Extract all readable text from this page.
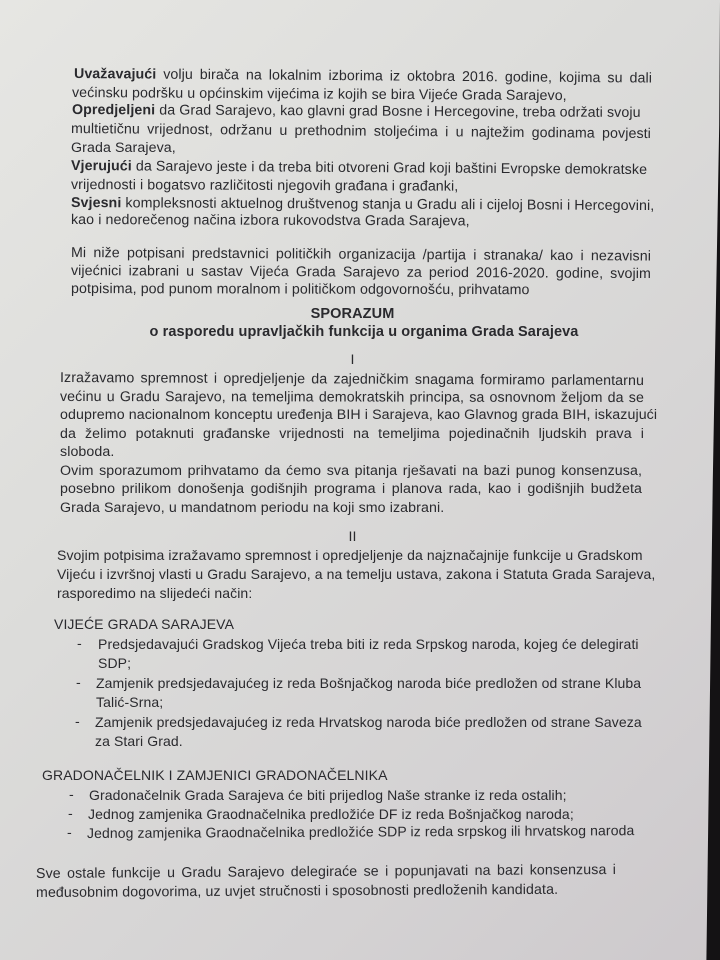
Uvažavajući volju birača na lokalnim izborima iz oktobra 2016. godine, kojima su dali
većinsku podršku u općinskim vijećima iz kojih se bira Vijeće Grada Sarajevo,
Opredjeljeni da Grad Sarajevo, kao glavni grad Bosne i Hercegovine, treba održati svoju
multietičnu vrijednost, održanu u prethodnim stoljećima i u najtežim godinama povjesti
Grada Sarajeva,
Vjerujući da Sarajevo jeste i da treba biti otvoreni Grad koji baštini Evropske demokratske
vrijednosti i bogatsvo različitosti njegovih građana i građanki,
Svjesni kompleksnosti aktuelnog društvenog stanja u Gradu ali i cijeloj Bosni i Hercegovini,
kao i nedorečenog načina izbora rukovodstva Grada Sarajeva,
Mi niže potpisani predstavnici političkih organizacija /partija i stranaka/ kao i nezavisni
vijećnici izabrani u sastav Vijeća Grada Sarajevo za period 2016-2020. godine, svojim
potpisima, pod punom moralnom i političkom odgovornošću, prihvatamo
SPORAZUM
o rasporedu upravljačkih funkcija u organima Grada Sarajeva
I
Izražavamo spremnost i opredjeljenje da zajedničkim snagama formiramo parlamentarnu
većinu u Gradu Sarajevo, na temeljima demokratskih principa, sa osnovnom željom da se
odupremo nacionalnom konceptu uređenja BIH i Sarajeva, kao Glavnog grada BIH, iskazujući
da želimo potaknuti građanske vrijednosti na temeljima pojedinačnih ljudskih prava i
sloboda.
Ovim sporazumom prihvatamo da ćemo sva pitanja rješavati na bazi punog konsenzusa,
posebno prilikom donošenja godišnjih programa i planova rada, kao i godišnjih budžeta
Grada Sarajevo, u mandatnom periodu na koji smo izabrani.
II
Svojim potpisima izražavamo spremnost i opredjeljenje da najznačajnije funkcije u Gradskom
Vijeću i izvršnoj vlasti u Gradu Sarajevo, a na temelju ustava, zakona i Statuta Grada Sarajeva,
rasporedimo na slijedeći način:
VIJEĆE GRADA SARAJEVA
- Predsjedavajući Gradskog Vijeća treba biti iz reda Srpskog naroda, kojeg će delegirati
SDP;
- Zamjenik predsjedavajućeg iz reda Bošnjačkog naroda biće predložen od strane Kluba
Talić-Srna;
- Zamjenik predsjedavajućeg iz reda Hrvatskog naroda biće predložen od strane Saveza
za Stari Grad.
GRADONAČELNIK I ZAMJENICI GRADONAČELNIKA
- Gradonačelnik Grada Sarajeva će biti prijedlog Naše stranke iz reda ostalih;
- Jednog zamjenika Graodnačelnika predložiće DF iz reda Bošnjačkog naroda;
- Jednog zamjenika Graodnačelnika predložiće SDP iz reda srpskog ili hrvatskog naroda
Sve ostale funkcije u Gradu Sarajevo delegiraće se i popunjavati na bazi konsenzusa i
međusobnim dogovorima, uz uvjet stručnosti i sposobnosti predloženih kandidata.
